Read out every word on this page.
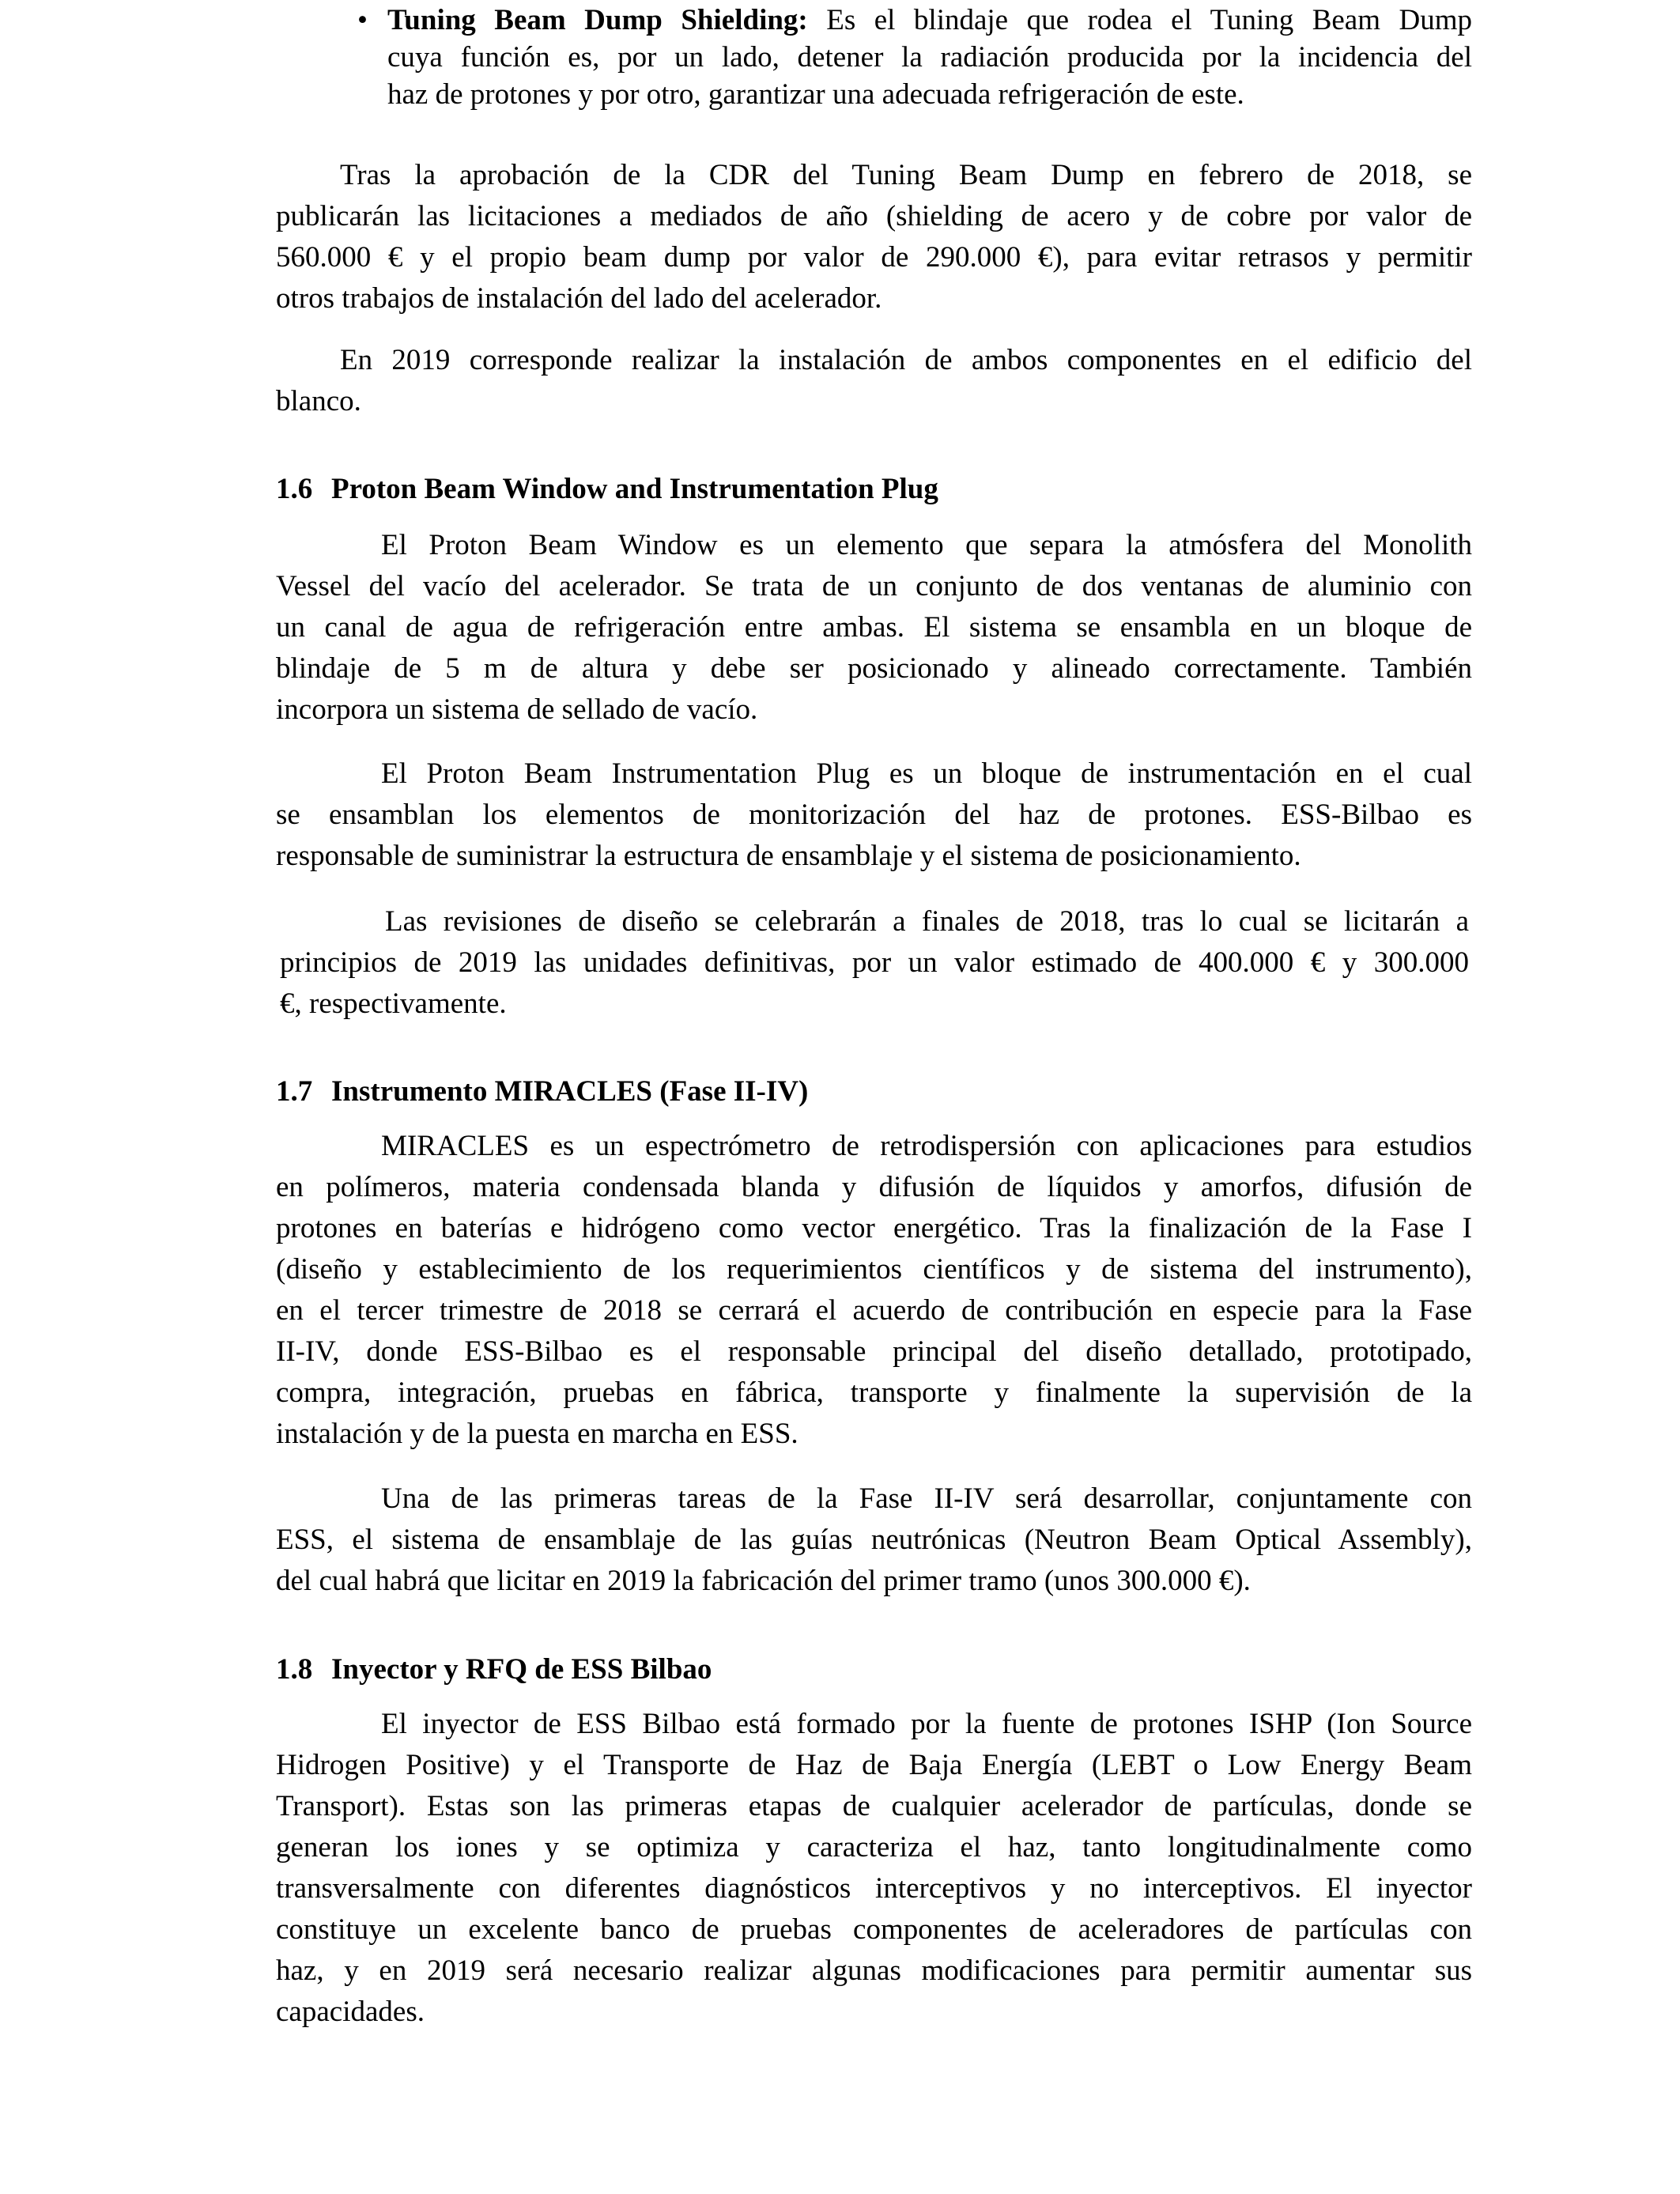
• Tuning Beam Dump Shielding: Es el blindaje que rodea el Tuning Beam Dump
cuya función es, por un lado, detener la radiación producida por la incidencia del
haz de protones y por otro, garantizar una adecuada refrigeración de este.
Tras la aprobación de la CDR del Tuning Beam Dump en febrero de 2018, se
publicarán las licitaciones a mediados de año (shielding de acero y de cobre por valor de
560.000 € y el propio beam dump por valor de 290.000 €), para evitar retrasos y permitir
otros trabajos de instalación del lado del acelerador.
En 2019 corresponde realizar la instalación de ambos componentes en el edificio del
blanco.
1.6 Proton Beam Window and Instrumentation Plug
El Proton Beam Window es un elemento que separa la atmósfera del Monolith
Vessel del vacío del acelerador. Se trata de un conjunto de dos ventanas de aluminio con
un canal de agua de refrigeración entre ambas. El sistema se ensambla en un bloque de
blindaje de 5 m de altura y debe ser posicionado y alineado correctamente. También
incorpora un sistema de sellado de vacío.
El Proton Beam Instrumentation Plug es un bloque de instrumentación en el cual
se ensamblan los elementos de monitorización del haz de protones. ESS-Bilbao es
responsable de suministrar la estructura de ensamblaje y el sistema de posicionamiento.
Las revisiones de diseño se celebrarán a finales de 2018, tras lo cual se licitarán a
principios de 2019 las unidades definitivas, por un valor estimado de 400.000 € y 300.000
€, respectivamente.
1.7 Instrumento MIRACLES (Fase II-IV)
MIRACLES es un espectrómetro de retrodispersión con aplicaciones para estudios
en polímeros, materia condensada blanda y difusión de líquidos y amorfos, difusión de
protones en baterías e hidrógeno como vector energético. Tras la finalización de la Fase I
(diseño y establecimiento de los requerimientos científicos y de sistema del instrumento),
en el tercer trimestre de 2018 se cerrará el acuerdo de contribución en especie para la Fase
II-IV, donde ESS-Bilbao es el responsable principal del diseño detallado, prototipado,
compra, integración, pruebas en fábrica, transporte y finalmente la supervisión de la
instalación y de la puesta en marcha en ESS.
Una de las primeras tareas de la Fase II-IV será desarrollar, conjuntamente con
ESS, el sistema de ensamblaje de las guías neutrónicas (Neutron Beam Optical Assembly),
del cual habrá que licitar en 2019 la fabricación del primer tramo (unos 300.000 €).
1.8 Inyector y RFQ de ESS Bilbao
El inyector de ESS Bilbao está formado por la fuente de protones ISHP (Ion Source
Hidrogen Positive) y el Transporte de Haz de Baja Energía (LEBT o Low Energy Beam
Transport). Estas son las primeras etapas de cualquier acelerador de partículas, donde se
generan los iones y se optimiza y caracteriza el haz, tanto longitudinalmente como
transversalmente con diferentes diagnósticos interceptivos y no interceptivos. El inyector
constituye un excelente banco de pruebas componentes de aceleradores de partículas con
haz, y en 2019 será necesario realizar algunas modificaciones para permitir aumentar sus
capacidades.
